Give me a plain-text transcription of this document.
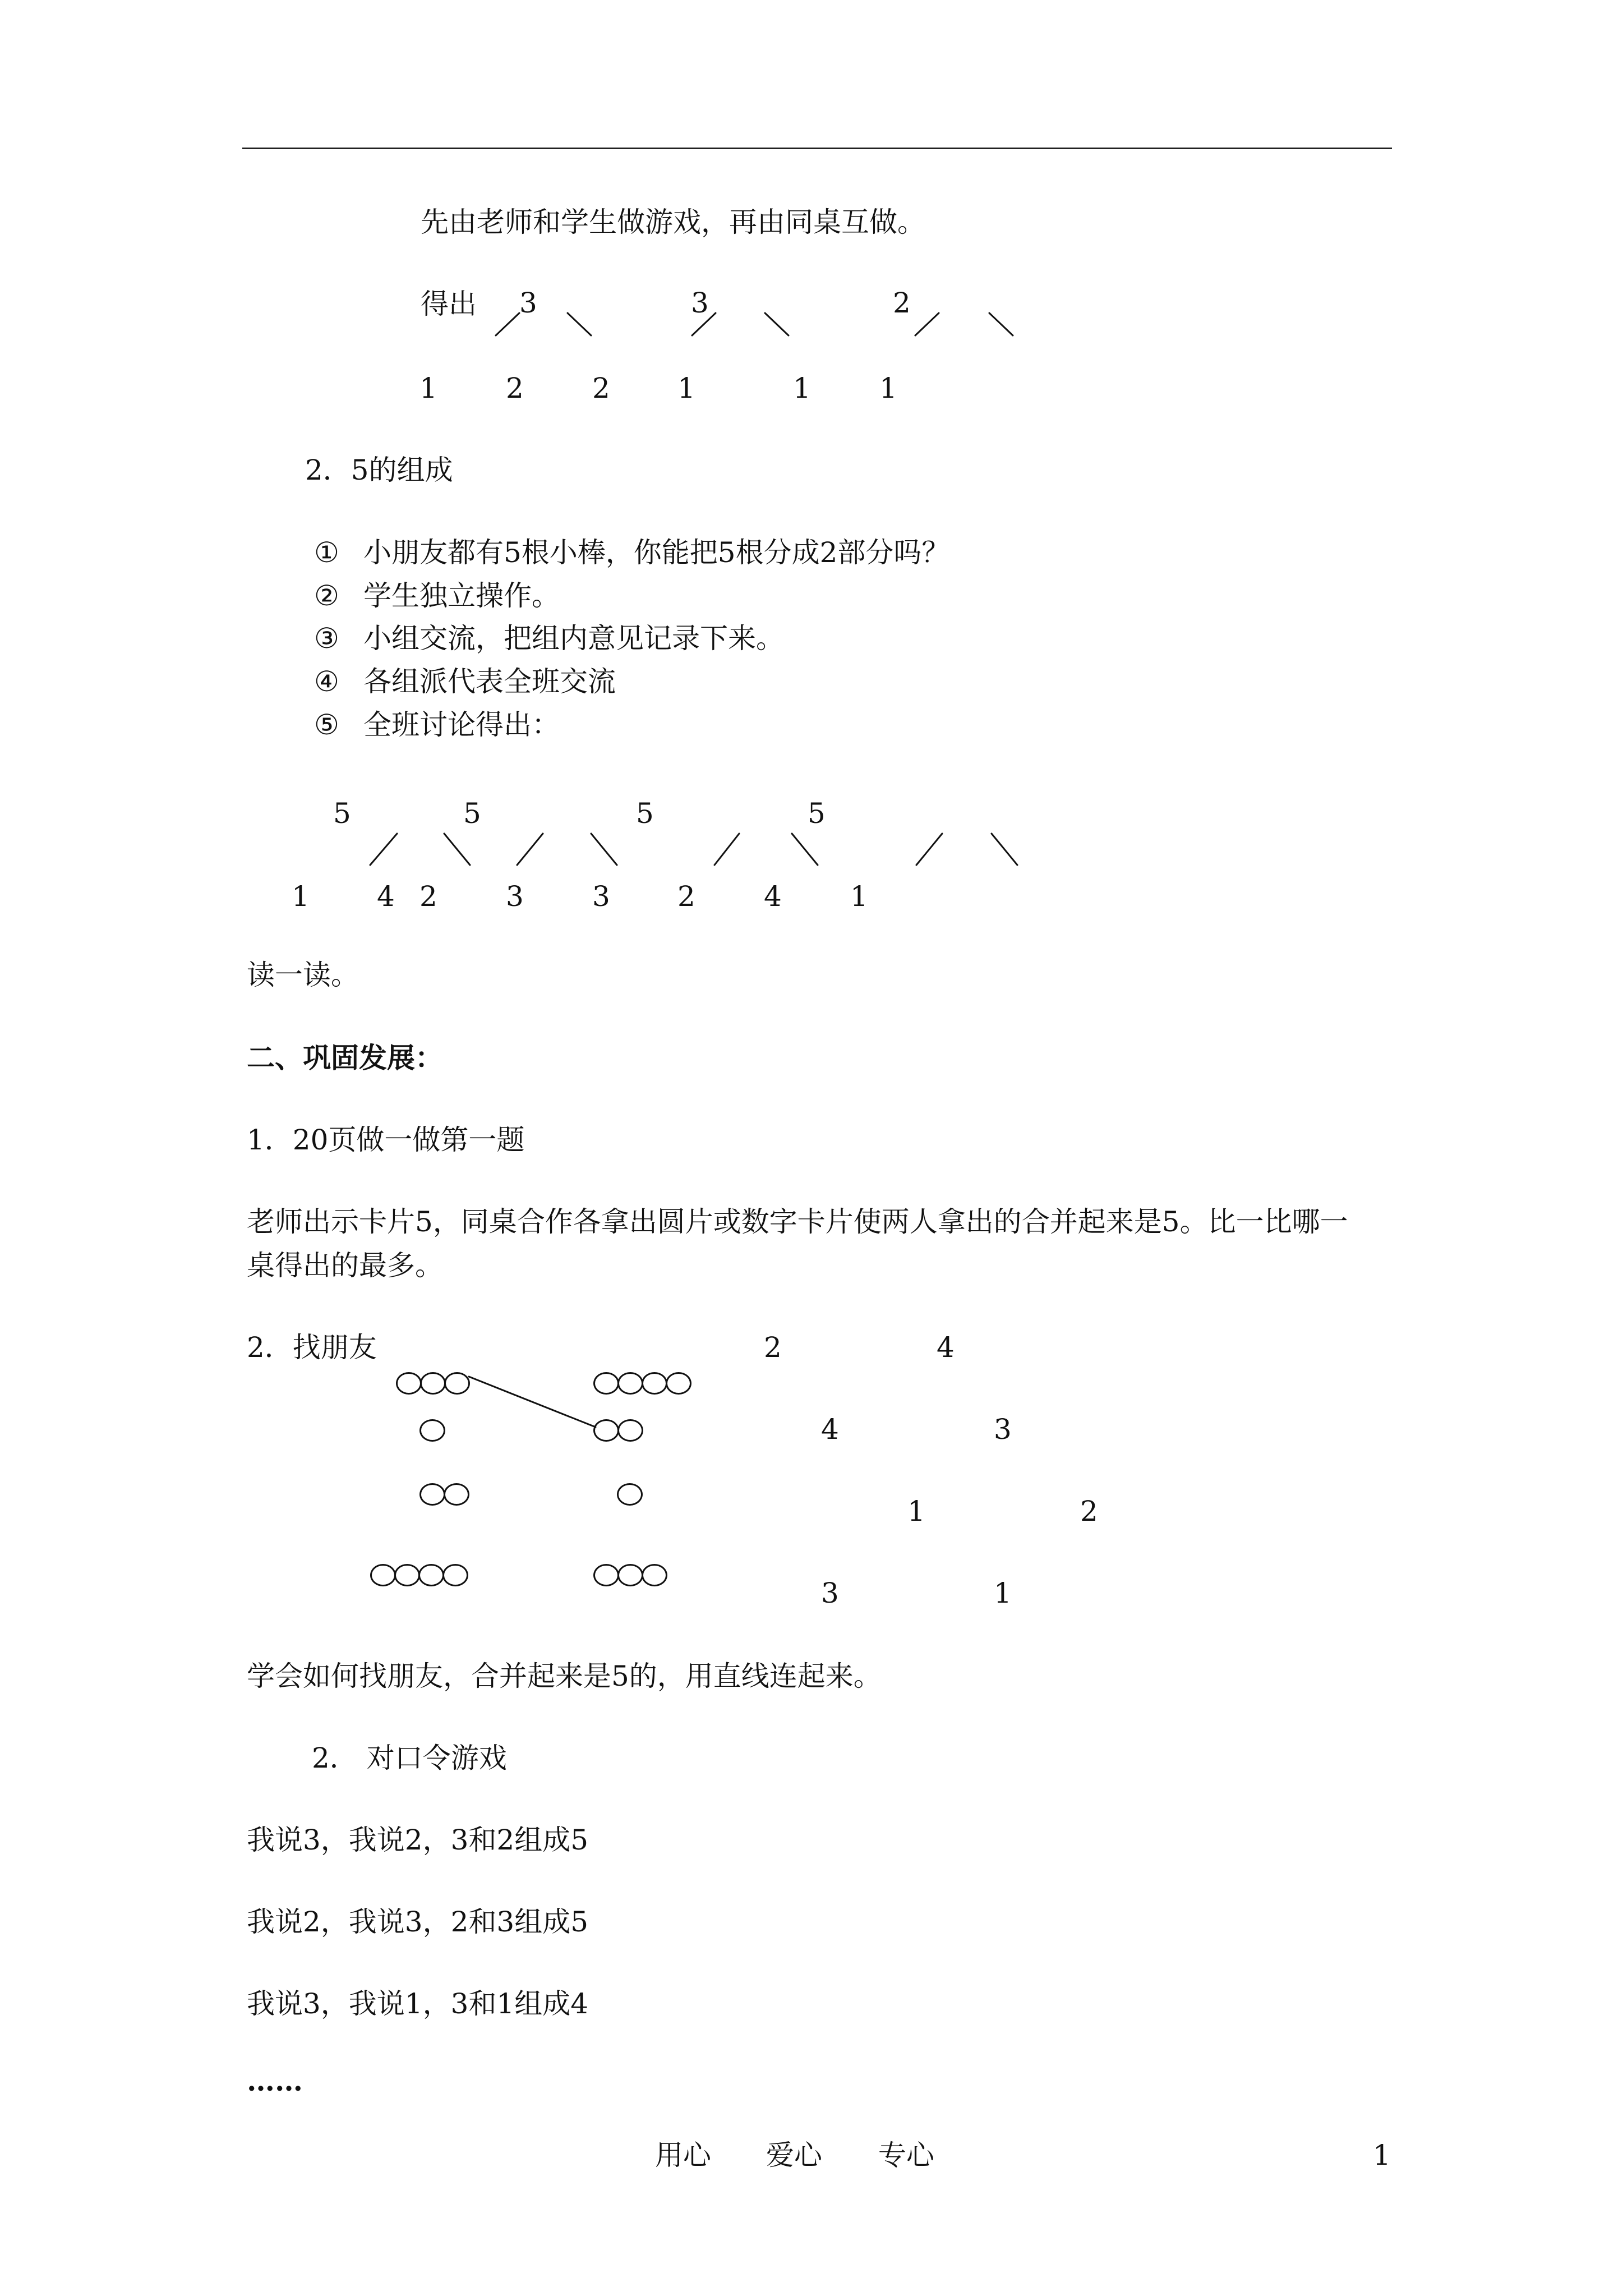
先由老师和学生做游戏，再由同桌互做。
得出 3	3	2
1 2 2 1	1 1
2．5的组成
① 小朋友都有5根小棒，你能把5根分成2部分吗？
② 学生独立操作。
③ 小组交流，把组内意见记录下来。
④ 各组派代表全班交流
⑤ 全班讨论得出：
5	5	5	5
1 4 2 3 3 2 4 1
读一读。
二、巩固发展：
1．20页做一做第一题
老师出示卡片5，同桌合作各拿出圆片或数字卡片使两人拿出的合并起来是5。比一比哪一
桌得出的最多。
2．找朋友	2	4
4	3
1	2
3	1
学会如何找朋友，合并起来是5的，用直线连起来。
2． 对口令游戏
我说3，我说2，3和2组成5
我说2，我说3，2和3组成5
我说3，我说1，3和1组成4
……
用心 爱心 专心	1
